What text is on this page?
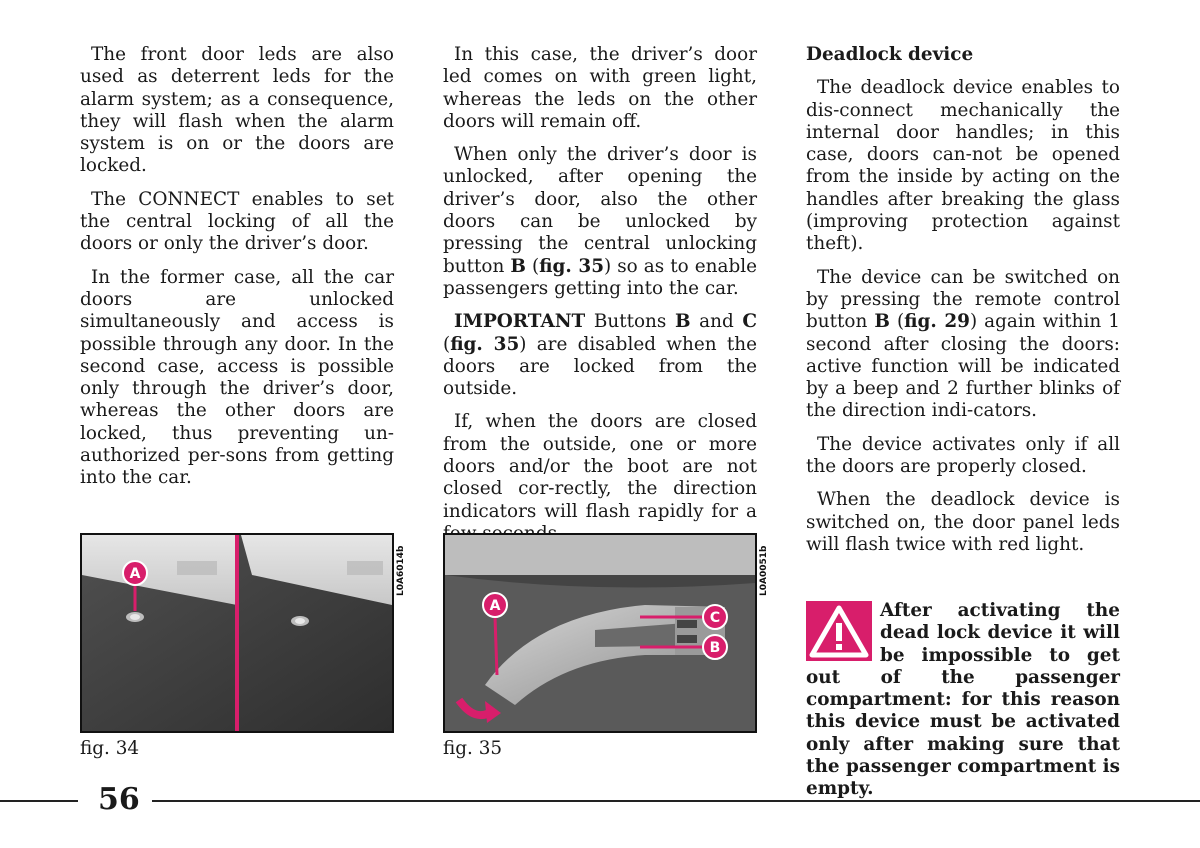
The front door leds are also used as deterrent leds for the alarm system; as a consequence, they will flash when the alarm system is on or the doors are locked.

The CONNECT enables to set the central locking of all the doors or only the driver’s door.

In the former case, all the car doors are unlocked simultaneously and access is possible through any door. In the second case, access is possible only through the driver’s door, whereas the other doors are locked, thus preventing un-authorized per-sons from getting into the car.

In this case, the driver’s door led comes on with green light, whereas the leds on the other doors will remain off.

When only the driver’s door is unlocked, after opening the driver’s door, also the other doors can be unlocked by pressing the central unlocking button B (fig. 35) so as to enable passengers getting into the car.

IMPORTANT Buttons B and C (fig. 35) are disabled when the doors are locked from the outside.

If, when the doors are closed from the outside, one or more doors and/or the boot are not closed cor-rectly, the direction indicators will flash rapidly for a

Deadlock device

The deadlock device enables to dis-connect mechanically the internal door handles; in this case, doors can-not be opened from the inside by acting on the handles after breaking the glass (improving protection against theft).

The device can be switched on by pressing the remote control button B (fig. 29) again within 1 second after closing the doors: active function will be indicated by a beep and 2 further blinks of the direction indi-cators.

The device activates only if all the doors are properly closed.

When the deadlock device is switched on, the door panel leds will flash twice with red light.

After activating the dead lock device it will be impossible to get out of the passenger compartment: for this reason this device must be activated only after making sure that the passenger compartment is empty.
A	L0A6014b
fig. 34
A
C
B
L0A0051b
fig. 35
56
